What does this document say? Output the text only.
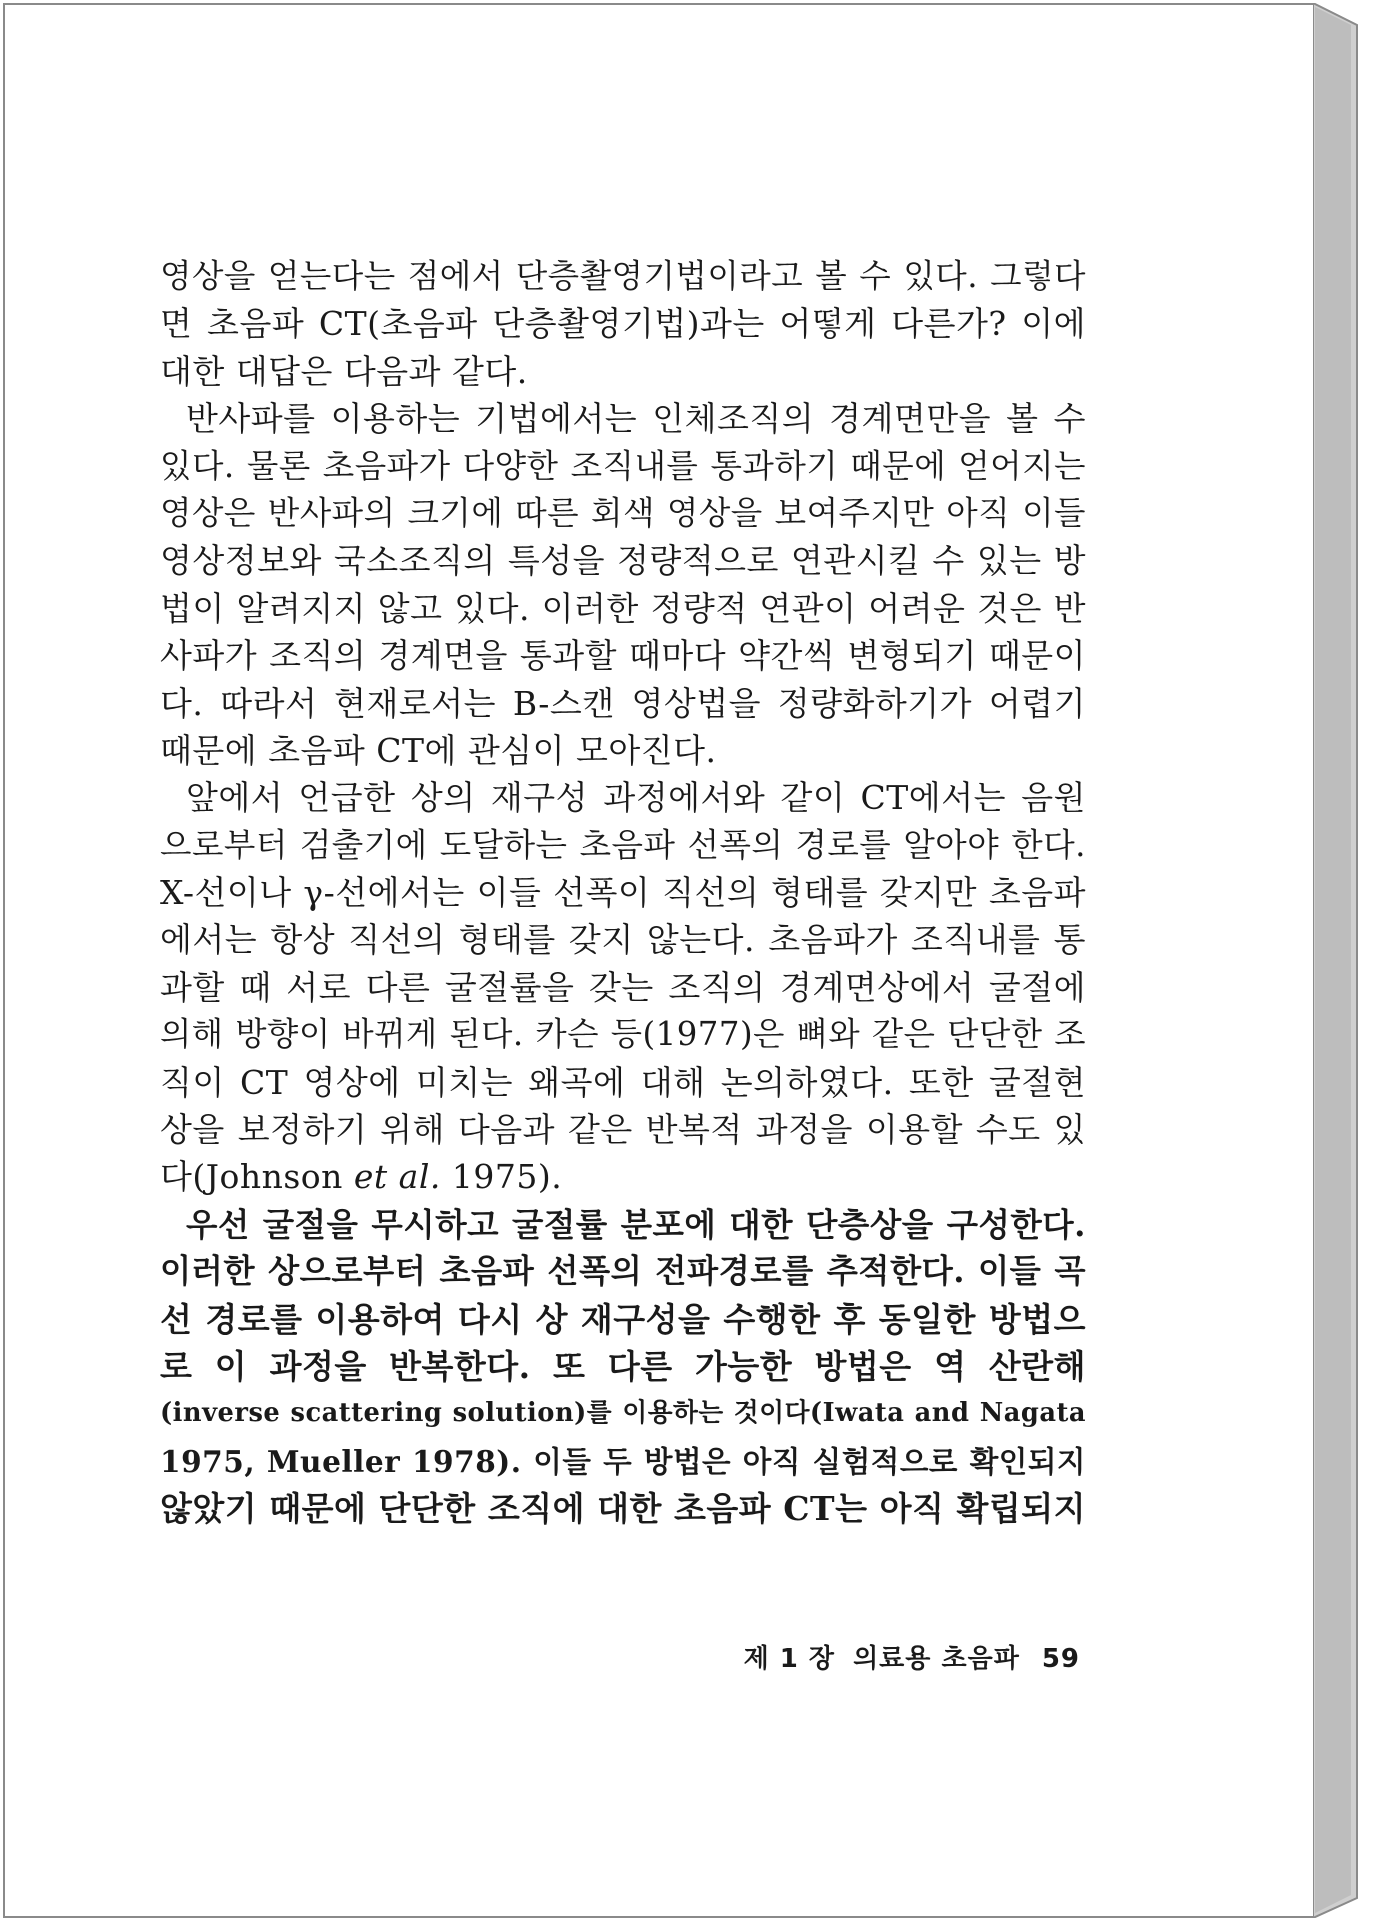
영상을 얻는다는 점에서 단층촬영기법이라고 볼 수 있다. 그렇다
면 초음파 CT(초음파 단층촬영기법)과는 어떻게 다른가? 이에
대한 대답은 다음과 같다.
반사파를 이용하는 기법에서는 인체조직의 경계면만을 볼 수
있다. 물론 초음파가 다양한 조직내를 통과하기 때문에 얻어지는
영상은 반사파의 크기에 따른 회색 영상을 보여주지만 아직 이들
영상정보와 국소조직의 특성을 정량적으로 연관시킬 수 있는 방
법이 알려지지 않고 있다. 이러한 정량적 연관이 어려운 것은 반
사파가 조직의 경계면을 통과할 때마다 약간씩 변형되기 때문이
다. 따라서 현재로서는 B-스캔 영상법을 정량화하기가 어렵기
때문에 초음파 CT에 관심이 모아진다.
앞에서 언급한 상의 재구성 과정에서와 같이 CT에서는 음원
으로부터 검출기에 도달하는 초음파 선폭의 경로를 알아야 한다.
X-선이나 γ-선에서는 이들 선폭이 직선의 형태를 갖지만 초음파
에서는 항상 직선의 형태를 갖지 않는다. 초음파가 조직내를 통
과할 때 서로 다른 굴절률을 갖는 조직의 경계면상에서 굴절에
의해 방향이 바뀌게 된다. 카슨 등(1977)은 뼈와 같은 단단한 조
직이 CT 영상에 미치는 왜곡에 대해 논의하였다. 또한 굴절현
상을 보정하기 위해 다음과 같은 반복적 과정을 이용할 수도 있
다(Johnson et al. 1975).
우선 굴절을 무시하고 굴절률 분포에 대한 단층상을 구성한다.
이러한 상으로부터 초음파 선폭의 전파경로를 추적한다. 이들 곡
선 경로를 이용하여 다시 상 재구성을 수행한 후 동일한 방법으
로 이 과정을 반복한다. 또 다른 가능한 방법은 역 산란해
(inverse scattering solution)를 이용하는 것이다(Iwata and Nagata
1975, Mueller 1978). 이들 두 방법은 아직 실험적으로 확인되지
않았기 때문에 단단한 조직에 대한 초음파 CT는 아직 확립되지
제 1 장 의료용 초음파 59
